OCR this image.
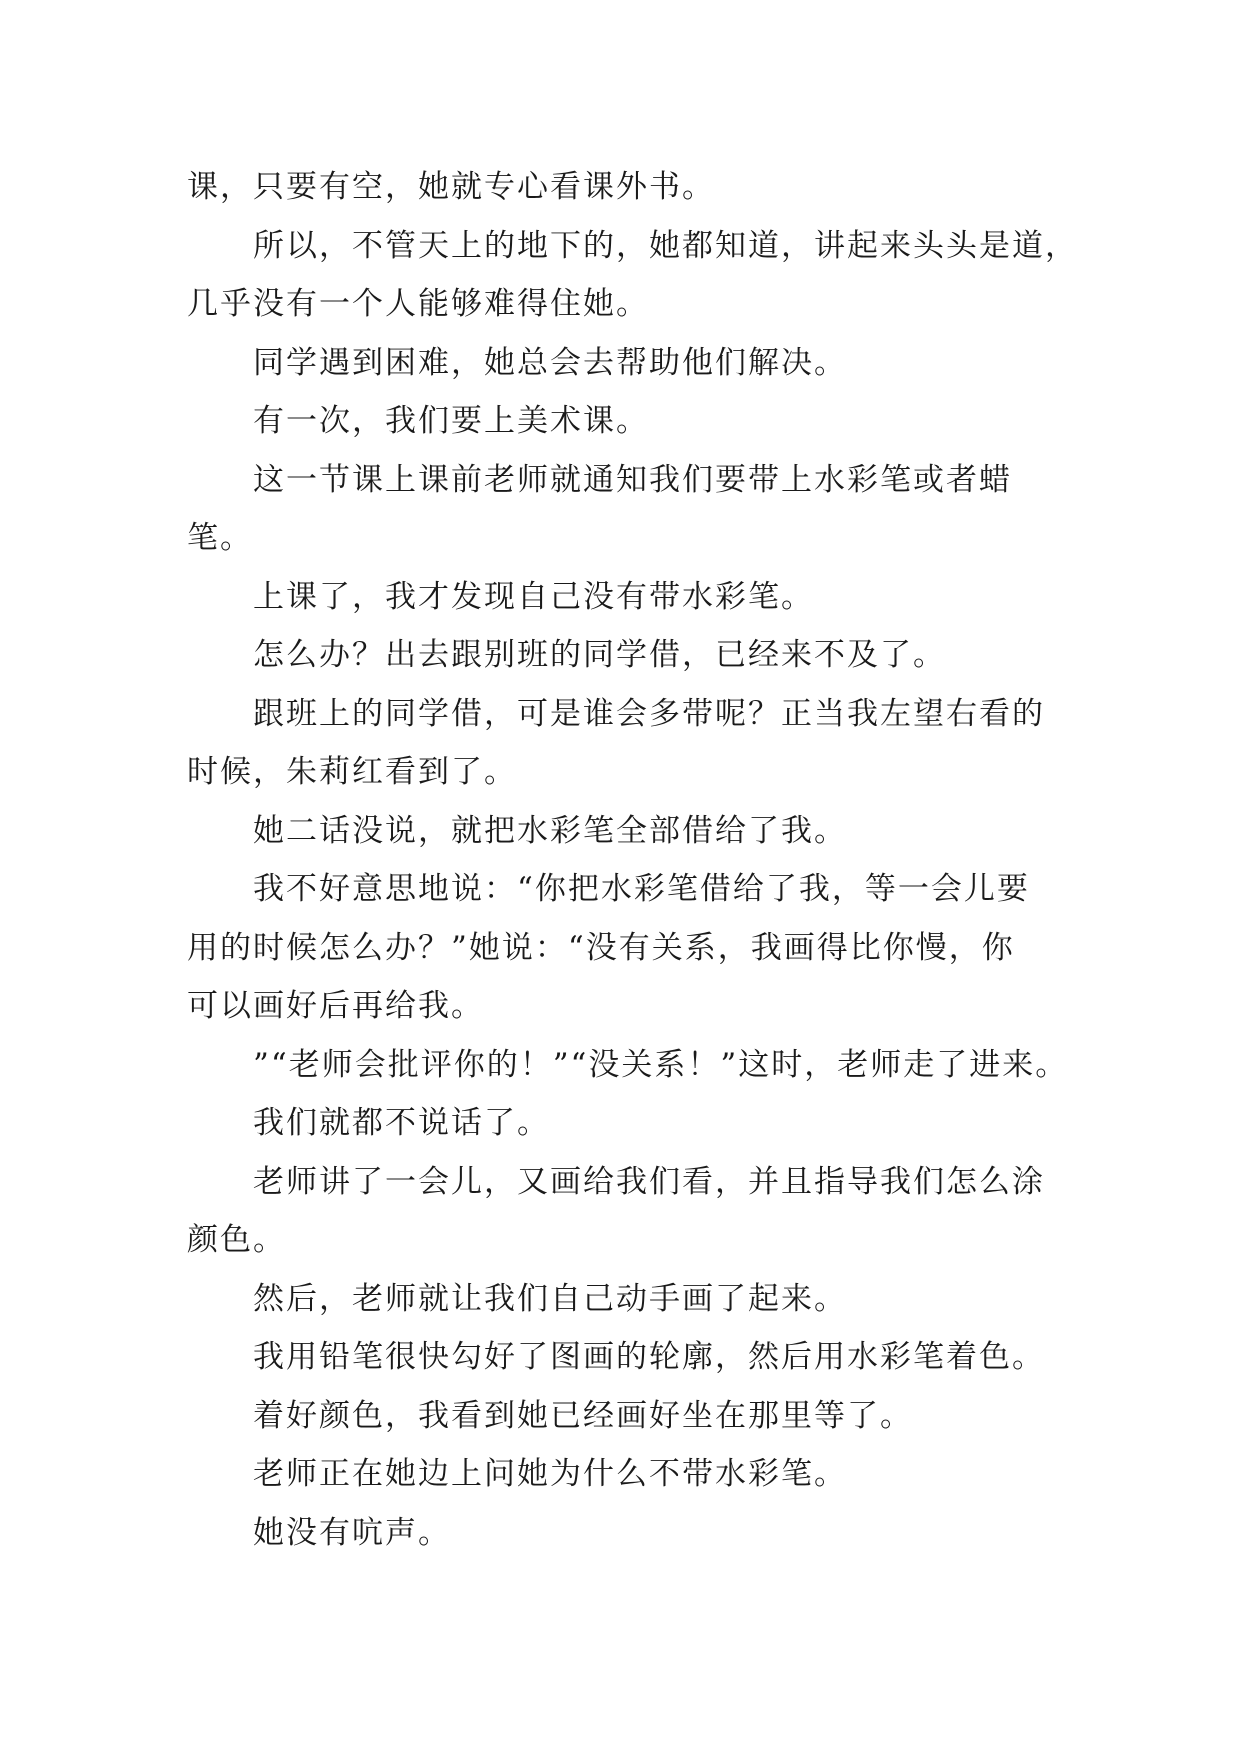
课，只要有空，她就专心看课外书。
所以，不管天上的地下的，她都知道，讲起来头头是道，
几乎没有一个人能够难得住她。
同学遇到困难，她总会去帮助他们解决。
有一次，我们要上美术课。
这一节课上课前老师就通知我们要带上水彩笔或者蜡
笔。
上课了，我才发现自己没有带水彩笔。
怎么办？出去跟别班的同学借，已经来不及了。
跟班上的同学借，可是谁会多带呢？正当我左望右看的
时候，朱莉红看到了。
她二话没说，就把水彩笔全部借给了我。
我不好意思地说：“你把水彩笔借给了我，等一会儿要
用的时候怎么办？”她说：“没有关系，我画得比你慢，你
可以画好后再给我。
”“老师会批评你的！”“没关系！”这时，老师走了进来。
我们就都不说话了。
老师讲了一会儿，又画给我们看，并且指导我们怎么涂
颜色。
然后，老师就让我们自己动手画了起来。
我用铅笔很快勾好了图画的轮廓，然后用水彩笔着色。
着好颜色，我看到她已经画好坐在那里等了。
老师正在她边上问她为什么不带水彩笔。
她没有吭声。
